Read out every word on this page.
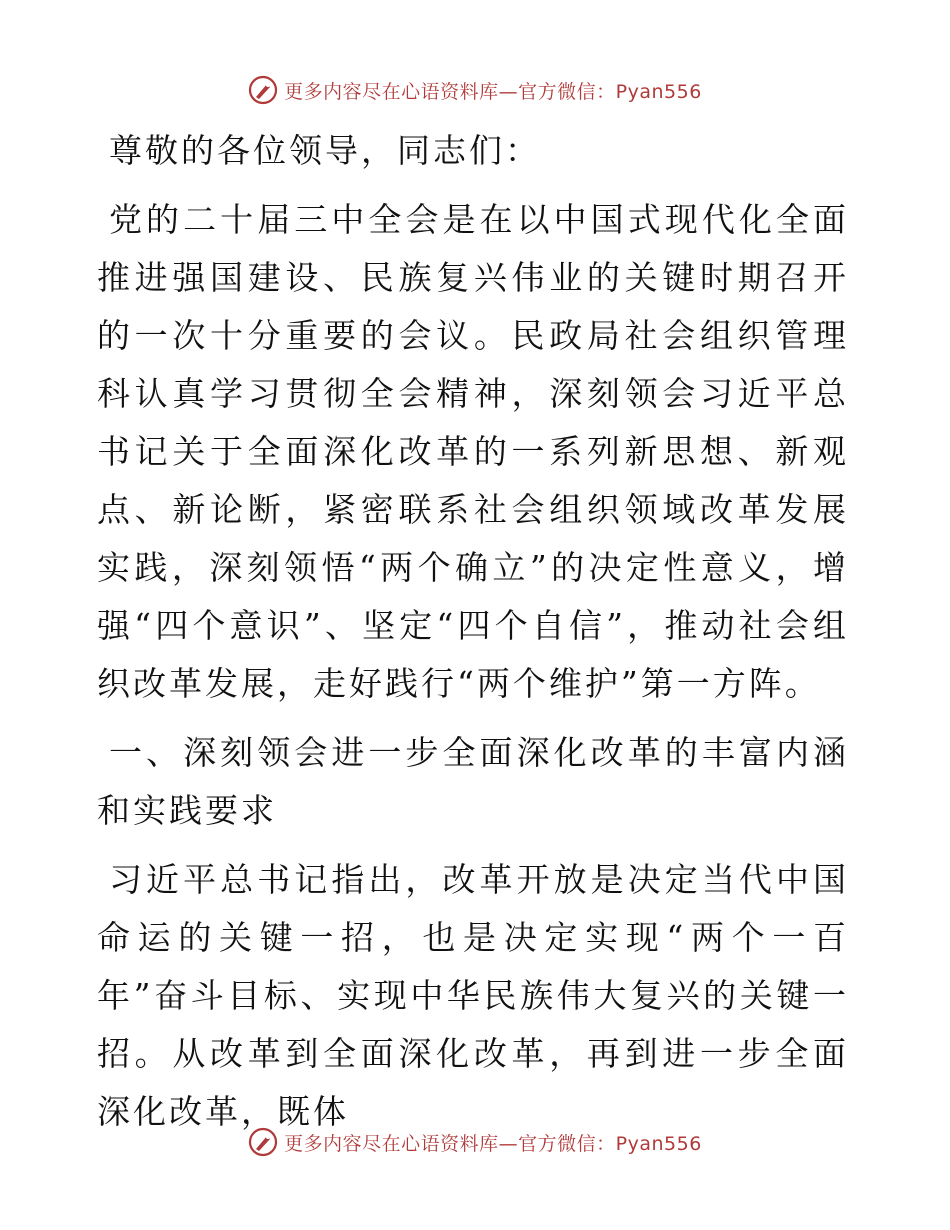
更多内容尽在心语资料库—官方微信：Pyan556

尊敬的各位领导，同志们：

党的二十届三中全会是在以中国式现代化全面推进强国建设、民族复兴伟业的关键时期召开的一次十分重要的会议。民政局社会组织管理科认真学习贯彻全会精神，深刻领会习近平总书记关于全面深化改革的一系列新思想、新观点、新论断，紧密联系社会组织领域改革发展实践，深刻领悟“两个确立”的决定性意义，增强“四个意识”、坚定“四个自信”，推动社会组织改革发展，走好践行“两个维护”第一方阵。

一、深刻领会进一步全面深化改革的丰富内涵和实践要求

习近平总书记指出，改革开放是决定当代中国命运的关键一招，也是决定实现“两个一百年”奋斗目标、实现中华民族伟大复兴的关键一招。从改革到全面深化改革，再到进一步全面深化改革，既体

更多内容尽在心语资料库—官方微信：Pyan556
